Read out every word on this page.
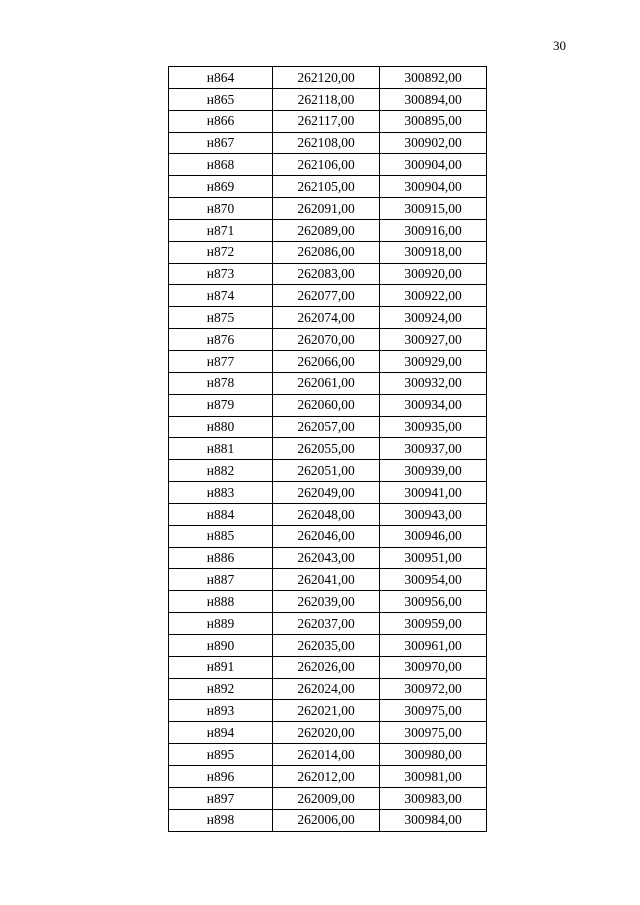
30
н864	262120,00	300892,00
н865	262118,00	300894,00
н866	262117,00	300895,00
н867	262108,00	300902,00
н868	262106,00	300904,00
н869	262105,00	300904,00
н870	262091,00	300915,00
н871	262089,00	300916,00
н872	262086,00	300918,00
н873	262083,00	300920,00
н874	262077,00	300922,00
н875	262074,00	300924,00
н876	262070,00	300927,00
н877	262066,00	300929,00
н878	262061,00	300932,00
н879	262060,00	300934,00
н880	262057,00	300935,00
н881	262055,00	300937,00
н882	262051,00	300939,00
н883	262049,00	300941,00
н884	262048,00	300943,00
н885	262046,00	300946,00
н886	262043,00	300951,00
н887	262041,00	300954,00
н888	262039,00	300956,00
н889	262037,00	300959,00
н890	262035,00	300961,00
н891	262026,00	300970,00
н892	262024,00	300972,00
н893	262021,00	300975,00
н894	262020,00	300975,00
н895	262014,00	300980,00
н896	262012,00	300981,00
н897	262009,00	300983,00
н898	262006,00	300984,00
